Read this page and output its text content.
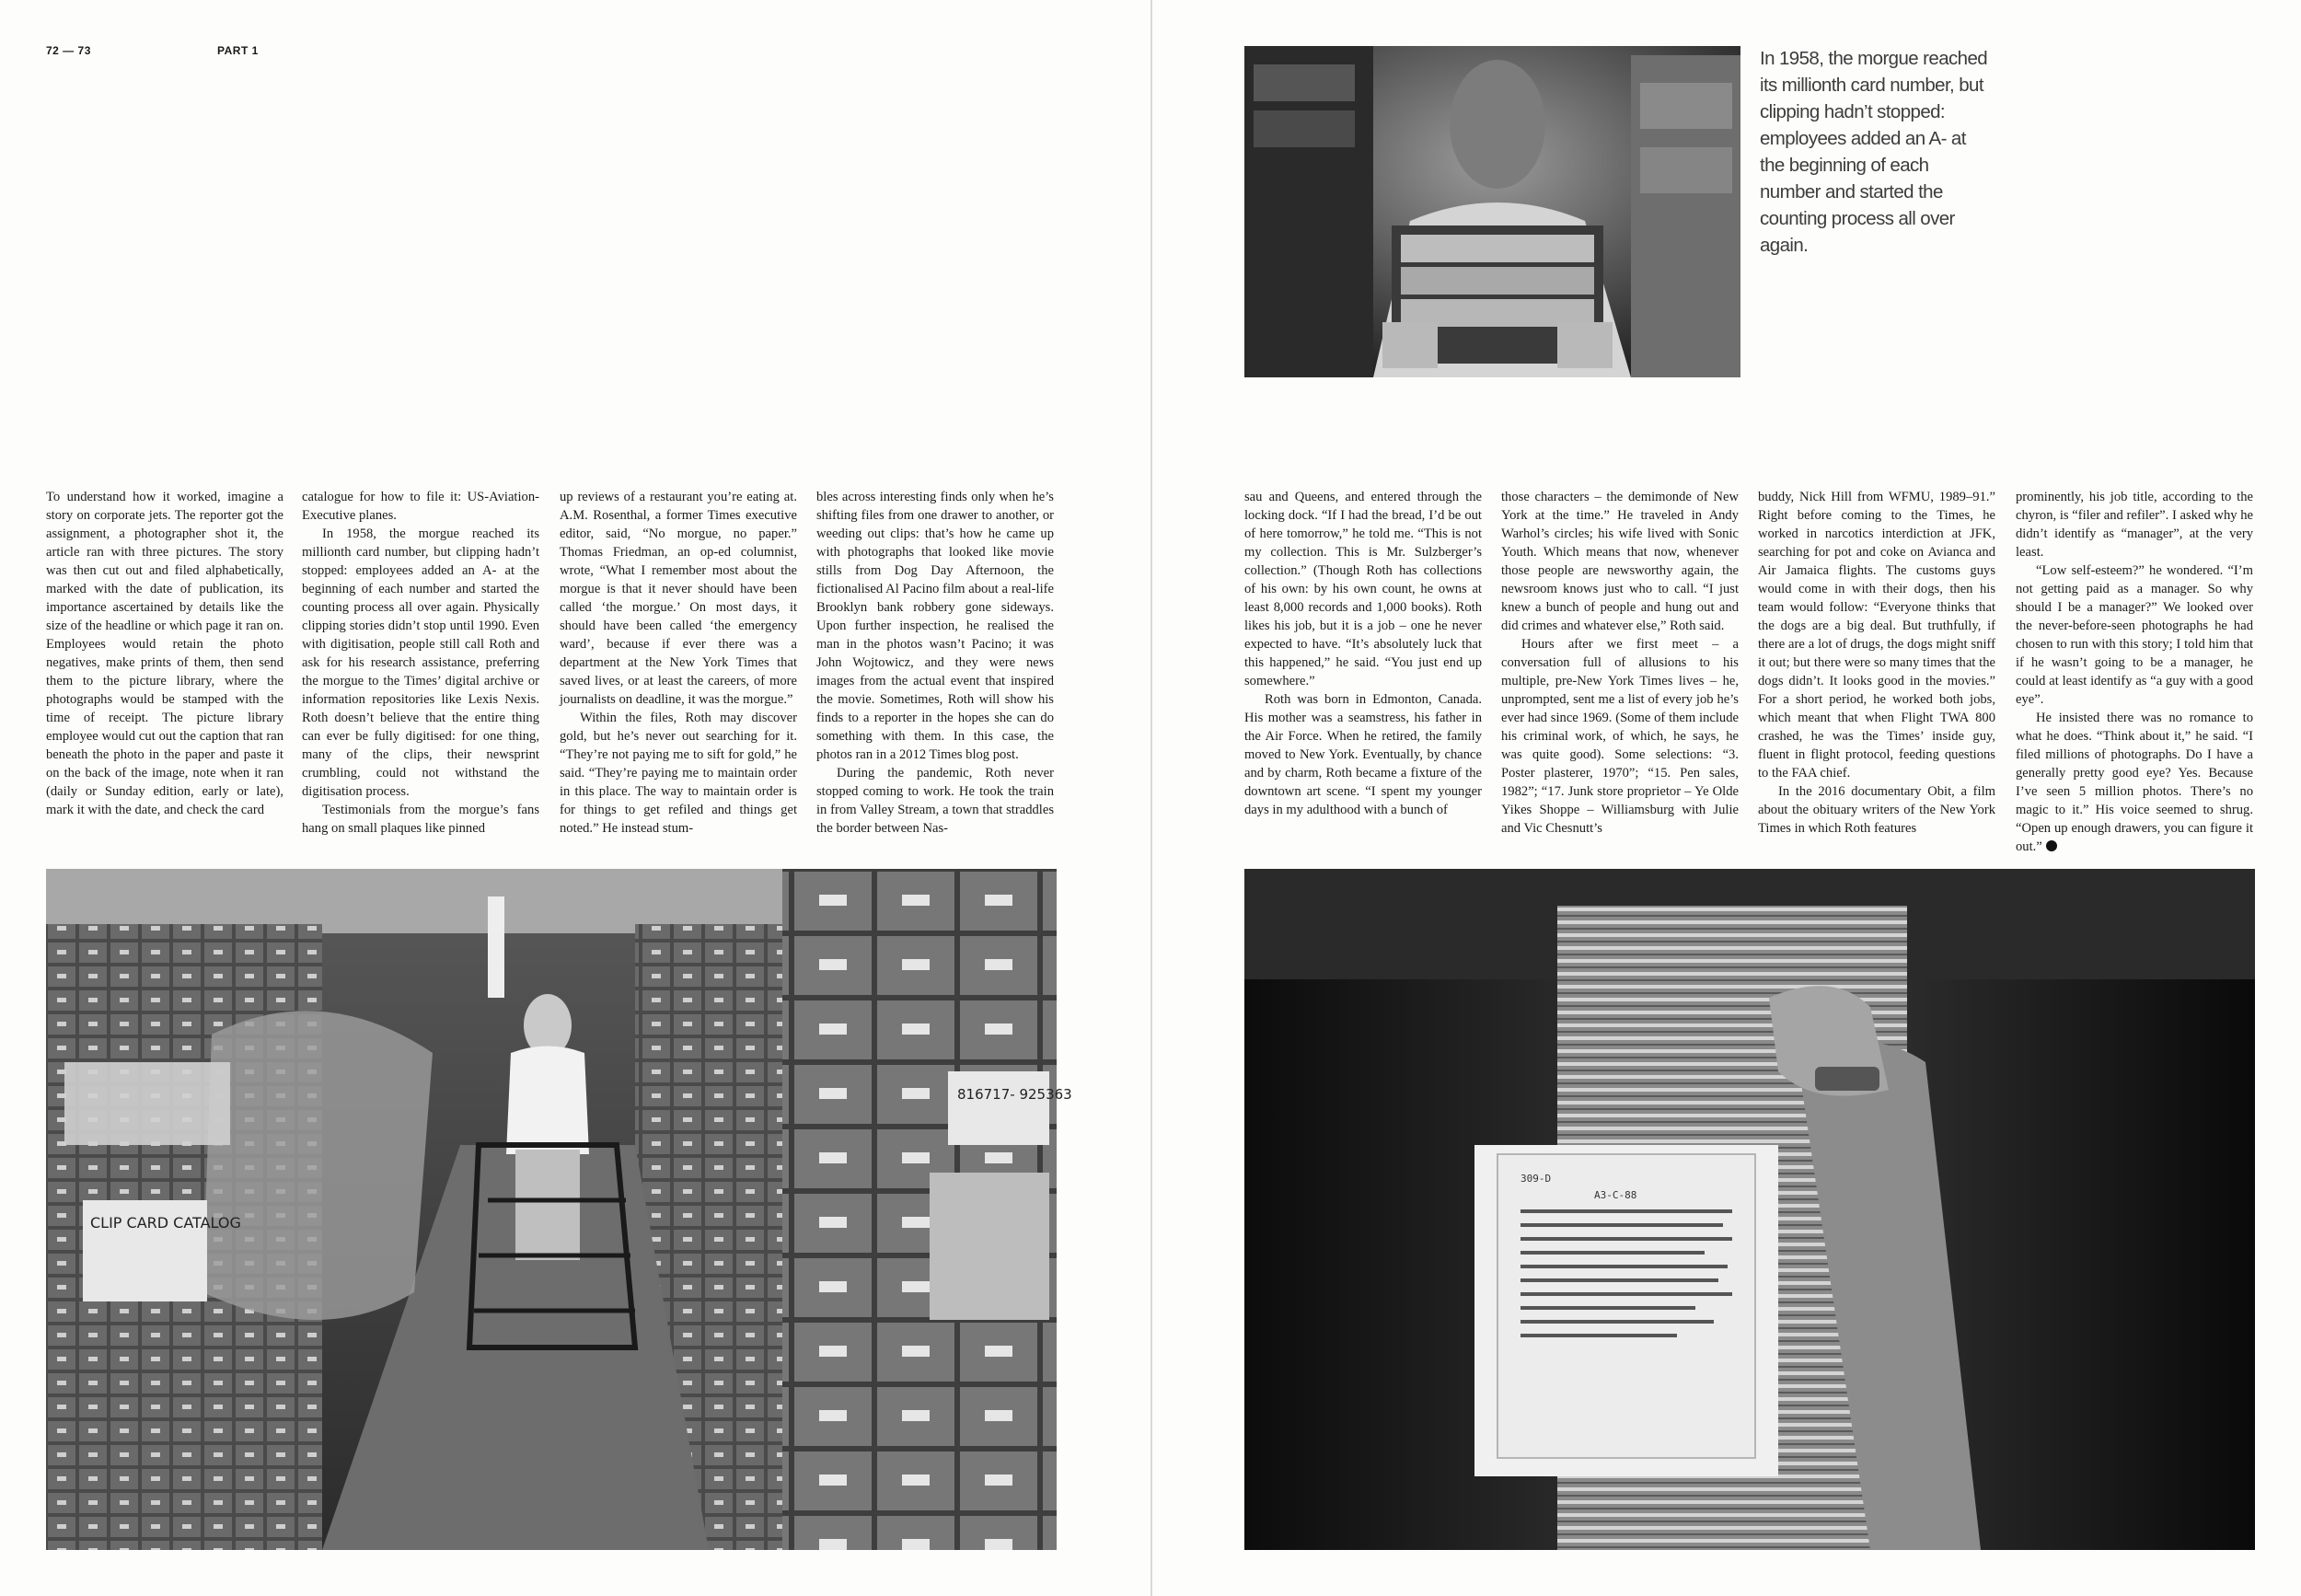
72 — 73	PART 1	In 1958, the morgue reached its millionth card number, but clipping hadn’t stopped: employees added an A- at the beginning of each number and started the counting process all over again.

To understand how it worked, imagine a story on corporate jets. The reporter got the assignment, a photographer shot it, the article ran with three pictures. The story was then cut out and filed alphabetically, marked with the date of publication, its importance ascertained by details like the size of the headline or which page it ran on. Employees would retain the photo negatives, make prints of them, then send them to the picture library, where the photographs would be stamped with the time of receipt. The picture library employee would cut out the caption that ran beneath the photo in the paper and paste it on the back of the image, note when it ran (daily or Sunday edition, early or late), mark it with the date, and check the card

catalogue for how to file it: US-Aviation-Executive planes.

In 1958, the morgue reached its millionth card number, but clipping hadn’t stopped: employees added an A- at the beginning of each number and started the counting process all over again. Physically clipping stories didn’t stop until 1990. Even with digitisation, people still call Roth and ask for his research assistance, preferring the morgue to the Times’ digital archive or information repositories like Lexis Nexis. Roth doesn’t believe that the entire thing can ever be fully digitised: for one thing, many of the clips, their newsprint crumbling, could not withstand the digitisation process.

Testimonials from the morgue’s fans hang on small plaques like pinned

up reviews of a restaurant you’re eating at. A.M. Rosenthal, a former Times executive editor, said, “No morgue, no paper.” Thomas Friedman, an op-ed columnist, wrote, “What I remember most about the morgue is that it never should have been called ‘the morgue.’ On most days, it should have been called ‘the emergency ward’, because if ever there was a department at the New York Times that saved lives, or at least the careers, of more journalists on deadline, it was the morgue.”

Within the files, Roth may discover gold, but he’s never out searching for it. “They’re not paying me to sift for gold,” he said. “They’re paying me to maintain order in this place. The way to maintain order is for things to get refiled and things get noted.” He instead stum-

bles across interesting finds only when he’s shifting files from one drawer to another, or weeding out clips: that’s how he came up with photographs that looked like movie stills from Dog Day Afternoon, the fictionalised Al Pacino film about a real-life Brooklyn bank robbery gone sideways. Upon further inspection, he realised the man in the photos wasn’t Pacino; it was John Wojtowicz, and they were news images from the actual event that inspired the movie. Sometimes, Roth will show his finds to a reporter in the hopes she can do something with them. In this case, the photos ran in a 2012 Times blog post.

During the pandemic, Roth never stopped coming to work. He took the train in from Valley Stream, a town that straddles the border between Nas-

sau and Queens, and entered through the locking dock. “If I had the bread, I’d be out of here tomorrow,” he told me. “This is not my collection. This is Mr. Sulzberger’s collection.” (Though Roth has collections of his own: by his own count, he owns at least 8,000 records and 1,000 books). Roth likes his job, but it is a job – one he never expected to have. “It’s absolutely luck that this happened,” he said. “You just end up somewhere.”

Roth was born in Edmonton, Canada. His mother was a seamstress, his father in the Air Force. When he retired, the family moved to New York. Eventually, by chance and by charm, Roth became a fixture of the downtown art scene. “I spent my younger days in my adulthood with a bunch of

those characters – the demimonde of New York at the time.” He traveled in Andy Warhol’s circles; his wife lived with Sonic Youth. Which means that now, whenever those people are newsworthy again, the newsroom knows just who to call. “I just knew a bunch of people and hung out and did crimes and whatever else,” Roth said.

Hours after we first meet – a conversation full of allusions to his multiple, pre-New York Times lives – he, unprompted, sent me a list of every job he’s ever had since 1969. (Some of them include his criminal work, of which, he says, he was quite good). Some selections: “3. Poster plasterer, 1970”; “15. Pen sales, 1982”; “17. Junk store proprietor – Ye Olde Yikes Shoppe – Williamsburg with Julie and Vic Chesnutt’s

buddy, Nick Hill from WFMU, 1989–91.” Right before coming to the Times, he worked in narcotics interdiction at JFK, searching for pot and coke on Avianca and Air Jamaica flights. The customs guys would come in with their dogs, then his team would follow: “Everyone thinks that the dogs are a big deal. But truthfully, if there are a lot of drugs, the dogs might sniff it out; but there were so many times that the dogs didn’t. It looks good in the movies.” For a short period, he worked both jobs, which meant that when Flight TWA 800 crashed, he was the Times’ inside guy, fluent in flight protocol, feeding questions to the FAA chief.

In the 2016 documentary Obit, a film about the obituary writers of the New York Times in which Roth features

prominently, his job title, according to the chyron, is “filer and refiler”. I asked why he didn’t identify as “manager”, at the very least.

“Low self-esteem?” he wondered. “I’m not getting paid as a manager. So why should I be a manager?” We looked over the never-before-seen photographs he had chosen to run with this story; I told him that if he wasn’t going to be a manager, he could at least identify as “a guy with a good eye”.

He insisted there was no romance to what he does. “Think about it,” he said. “I filed millions of photographs. Do I have a generally pretty good eye? Yes. Because I’ve seen 5 million photos. There’s no magic to it.” His voice seemed to shrug. “Open up enough drawers, you can figure it out.”

CLIP CARD CATALOG
816717- 925363
309-D
A3-C-88
